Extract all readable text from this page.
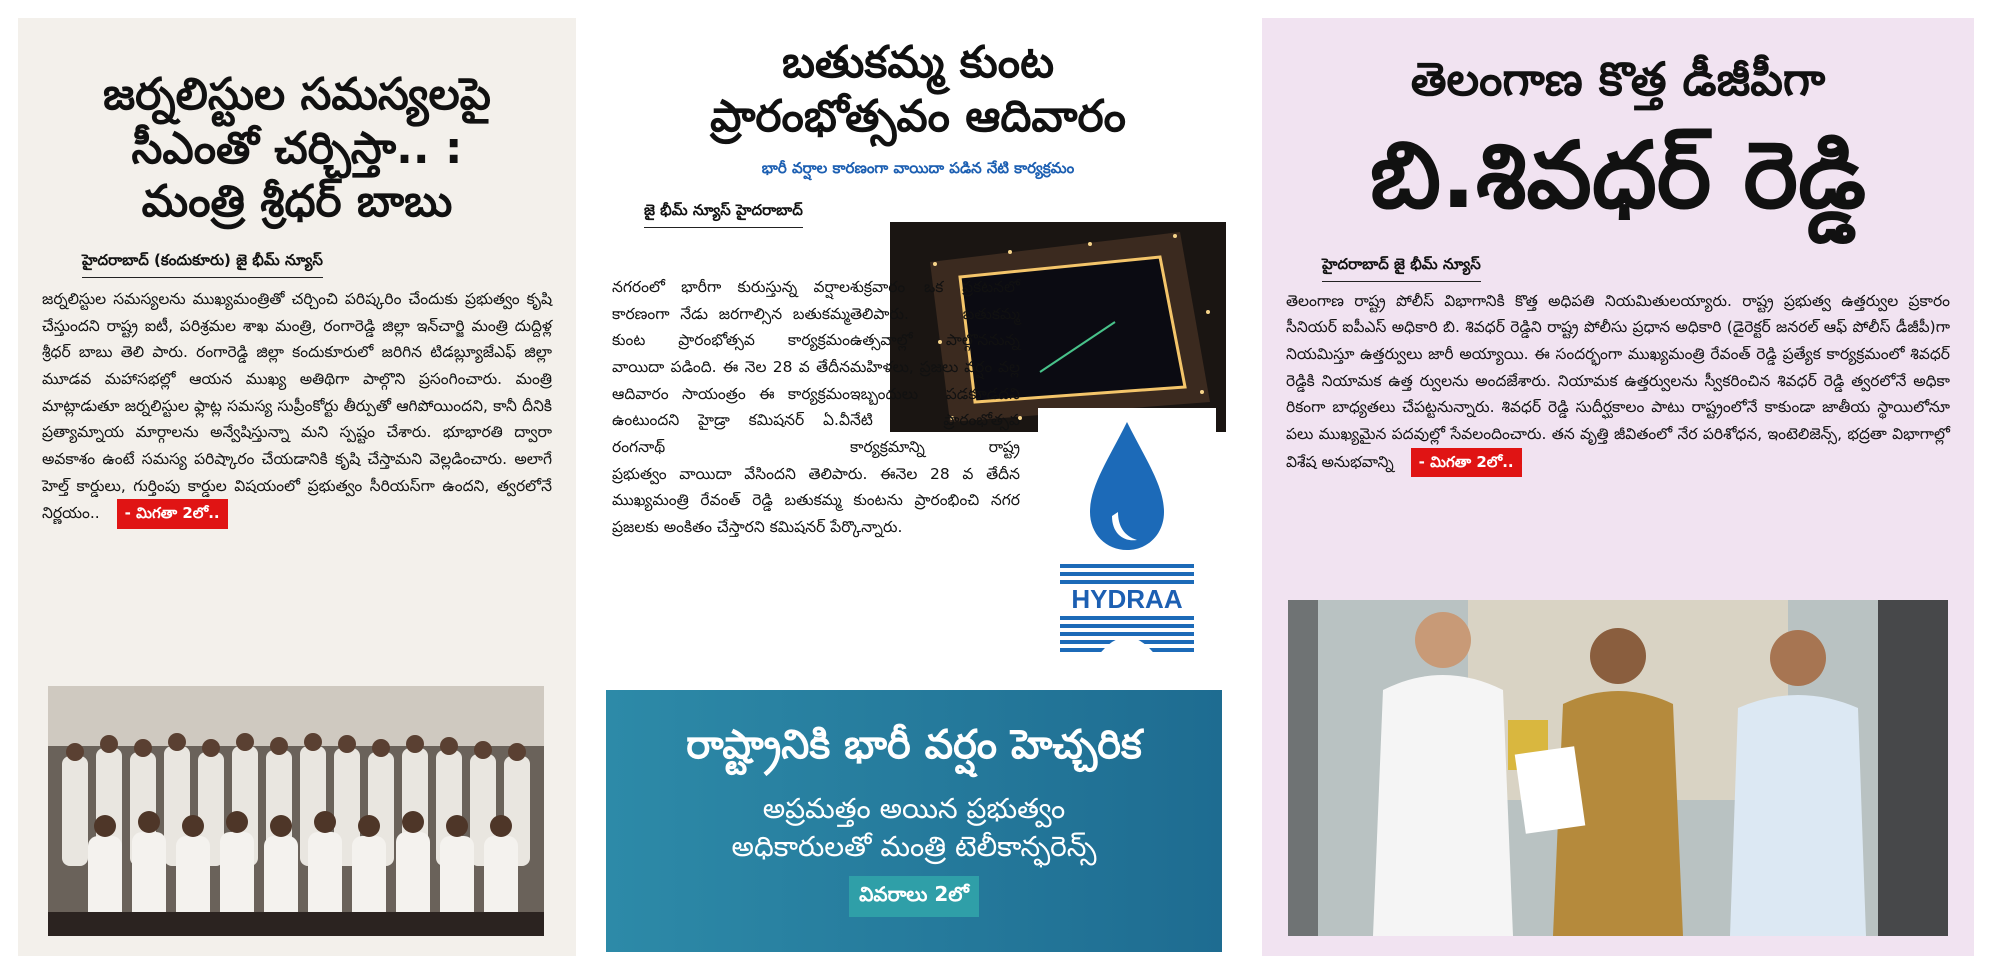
జర్నలిస్టుల సమస్యలపై
సీఎంతో చర్చిస్తా.. :
మంత్రి శ్రీధర్ బాబు
హైదరాబాద్ (కందుకూరు) జై భీమ్ న్యూస్

జర్నలిస్టుల సమస్యలను ముఖ్యమంత్రితో చర్చించి పరిష్కరిం చేందుకు ప్రభుత్వం కృషి చేస్తుందని రాష్ట్ర ఐటీ, పరిశ్రమల శాఖ మంత్రి, రంగారెడ్డి జిల్లా ఇన్‌చార్జి మంత్రి దుద్దిళ్ల శ్రీధర్ బాబు తెలి పారు. రంగారెడ్డి జిల్లా కందుకూరులో జరిగిన టిడబ్ల్యూజేఎఫ్ జిల్లా మూడవ మహాసభల్లో ఆయన ముఖ్య అతిథిగా పాల్గొని ప్రసంగించారు. మంత్రి మాట్లాడుతూ జర్నలిస్టుల ఫ్లాట్ల సమస్య సుప్రీంకోర్టు తీర్పుతో ఆగిపోయిందని, కానీ దీనికి ప్రత్యామ్నాయ మార్గాలను అన్వేషిస్తున్నా మని స్పష్టం చేశారు. భూభారతి ద్వారా అవకాశం ఉంటే సమస్య పరిష్కారం చేయడానికి కృషి చేస్తామని వెల్లడించారు. అలాగే హెల్త్ కార్డులు, గుర్తింపు కార్డుల విషయంలో ప్రభుత్వం సీరియస్‌గా ఉందని, త్వరలోనే నిర్ణయం.. - మిగతా 2లో..

బతుకమ్మ కుంట
ప్రారంభోత్సవం ఆదివారం
భారీ వర్షాల కారణంగా వాయిదా పడిన నేటి కార్యక్రమం
జై భీమ్ న్యూస్ హైదరాబాద్
నగరంలో భారీగా కురుస్తున్న వర్షాల కారణంగా నేడు జరగాల్సిన బతుకమ్మ కుంట ప్రారంభోత్సవ కార్యక్రమం వాయిదా పడింది. ఈ నెల 28 వ తేదీన ఆదివారం సాయంత్రం ఈ కార్యక్రమం ఉంటుందని హైడ్రా కమిషనర్ ఏ.వీ రంగనాథ్
శుక్రవారం ఒక ప్రకటనలో తెలిపారు. బతుకమ్మ ఉత్సవాల్లో పాల్గొననున్న మహిళలు, ప్రజలు వర్షం వల్ల ఇబ్బందులు పడకూడదని నేటి ప్రారంభోత్సవ కార్యక్రమాన్ని రాష్ట్ర ప్రభుత్వం వాయిదా వేసిందని తెలిపారు. ఈనెల 28 వ తేదీన ముఖ్యమంత్రి రేవంత్ రెడ్డి బతుకమ్మ కుంటను ప్రారంభించి నగర ప్రజలకు అంకితం చేస్తారని కమిషనర్ పేర్కొన్నారు.
HYDRAA
రాష్ట్రానికి భారీ వర్షం హెచ్చరిక
అప్రమత్తం అయిన ప్రభుత్వం
అధికారులతో మంత్రి టెలీకాన్ఫరెన్స్
వివరాలు 2లో
తెలంగాణ కొత్త డీజీపీగా
బి.శివధర్ రెడ్డి
హైదరాబాద్ జై భీమ్ న్యూస్

తెలంగాణ రాష్ట్ర పోలీస్ విభాగానికి కొత్త అధిపతి నియమితులయ్యారు. రాష్ట్ర ప్రభుత్వ ఉత్తర్వుల ప్రకారం సీనియర్ ఐపీఎస్ అధికారి బి. శివధర్ రెడ్డిని రాష్ట్ర పోలీసు ప్రధాన అధికారి (డైరెక్టర్ జనరల్ ఆఫ్ పోలీస్ డీజీపీ)గా నియమిస్తూ ఉత్తర్వులు జారీ అయ్యాయి. ఈ సందర్భంగా ముఖ్యమంత్రి రేవంత్ రెడ్డి ప్రత్యేక కార్యక్రమంలో శివధర్ రెడ్డికి నియామక ఉత్త ర్వులను అందజేశారు. నియామక ఉత్తర్వులను స్వీకరించిన శివధర్ రెడ్డి త్వరలోనే అధికా రికంగా బాధ్యతలు చేపట్టనున్నారు. శివధర్ రెడ్డి సుదీర్ఘకాలం పాటు రాష్ట్రంలోనే కాకుండా జాతీయ స్థాయిలోనూ పలు ముఖ్యమైన పదవుల్లో సేవలందించారు. తన వృత్తి జీవితంలో నేర పరిశోధన, ఇంటెలిజెన్స్, భద్రతా విభాగాల్లో విశేష అనుభవాన్ని - మిగతా 2లో..
